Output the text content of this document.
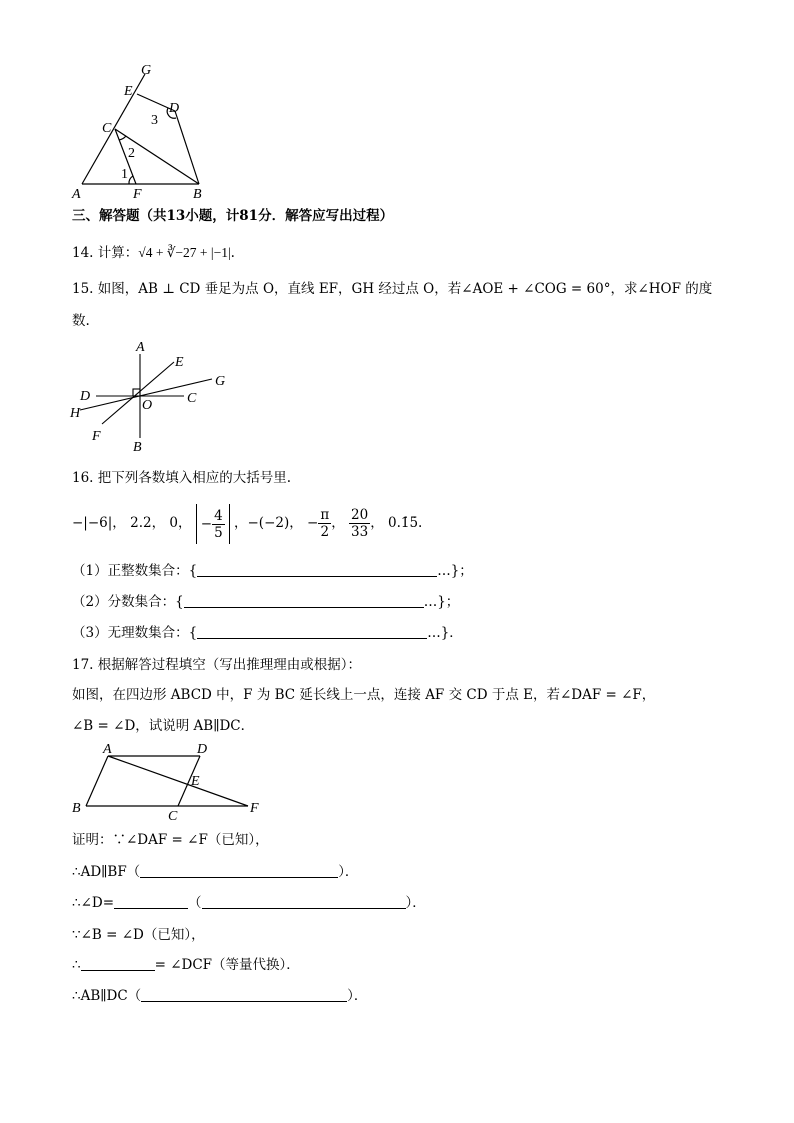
G
E
D
C
A	F	B
1
2
3
三、解答题（共13小题，计81分．解答应写出过程）
14. 计算：√4 + ∛−27 + |−1|.
15. 如图，AB ⊥ CD 垂足为点 O，直线 EF，GH 经过点 O，若∠AOE + ∠COG = 60°，求∠HOF 的度
数.
A
E
G
D
O C
H
F
B
16. 把下列各数填入相应的大括号里.
−|−6|， 2.2， 0， − $\frac{4}{5}$ ，−(−2)， − $\frac{\pi}{2}$ ， $\frac{20}{33}$ ， 0.1̇5̇.
（1）正整数集合：{	…}；
（2）分数集合：{	…}；
（3）无理数集合：{	…}．
17. 根据解答过程填空（写出推理理由或根据）：
如图，在四边形 ABCD 中，F 为 BC 延长线上一点，连接 AF 交 CD 于点 E，若∠DAF = ∠F，
∠B = ∠D，试说明 AB∥DC．
A	D
E
B
C
F
证明：∵∠DAF = ∠F（已知），
∴AD∥BF（	）．
∴∠D=	（	）．
∵∠B = ∠D（已知），
∴	= ∠DCF（等量代换）．
∴AB∥DC（	）．
